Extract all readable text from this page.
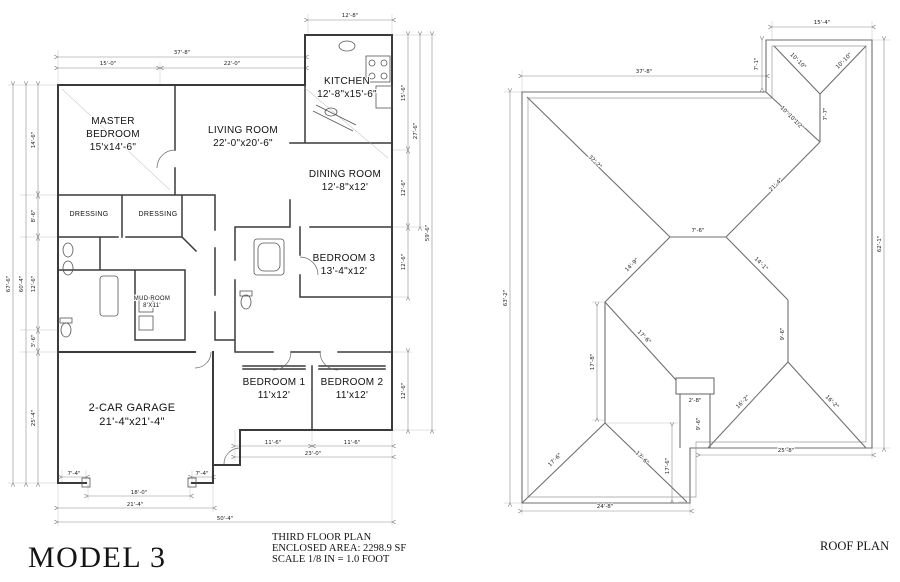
MASTER BEDROOM 15'x14'-6"
LIVING ROOM 22'-0"x20'-6"
KITCHEN 12'-8"x15'-6"
DINING ROOM 12'-8"x12'
DRESSING	DRESSING
MUD ROOM 8'X11'
BEDROOM 3 13'-4"x12'
BEDROOM 1 11'x12'
BEDROOM 2 11'x12'
2-CAR GARAGE 21'-4"x21'-4"
37'-8"
15'-0"	22'-0"
12'-8"
67'-6" 60'-4"
14'-6"
8'-6"
12'-6"
3'-6"
25'-4"
15'-6"
12'-6"
12'-6"
12'-6"
27'-6"
59'-6"
11'-6"	11'-6"
23'-0"
18'-0"
21'-4"
50'-4"
7'-4"	7'-4"
37'-8"
15'-4"
7'-1"
62'-1"
63'-2"
24'-8"
25'-8"
17'-8"
17'-6"
32'-2"
21'-4"
7'-6"
14'-9"	14'-1"
10'-10"	10'-10"
10'-10 1/2"	7'-7"
17'-6"
17'-6"	17'-6"
2'-8"
9'-6"
9'-6"
16'-2"	16'-2"
MODEL 3
THIRD FLOOR PLAN
ENCLOSED AREA: 2298.9 SF
SCALE 1/8 IN = 1.0 FOOT
ROOF PLAN
